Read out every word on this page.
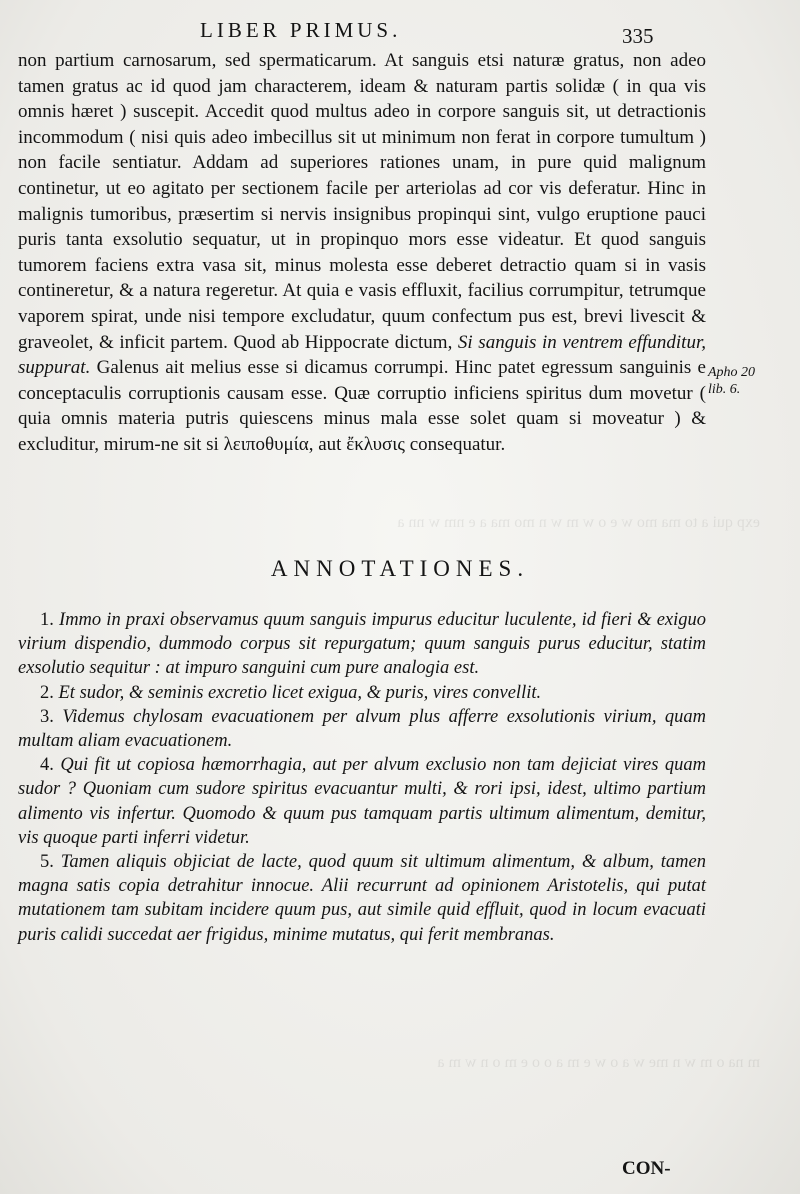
exp qui a to ma mo w e o w m w n mo ma a e nm w nn a
m na o m w n me w a o w e m a o o e m o n w m a
LIBER PRIMUS.	335

non partium carnosarum, sed spermaticarum. At sanguis etsi naturæ gratus, non adeo tamen gratus ac id quod jam characterem, ideam & naturam partis solidæ ( in qua vis omnis hæret ) suscepit. Accedit quod multus adeo in corpore sanguis sit, ut detractionis incommodum ( nisi quis adeo imbecillus sit ut minimum non ferat in corpore tumultum ) non facile sentiatur. Addam ad superiores rationes unam, in pure quid malignum continetur, ut eo agitato per sectionem facile per arteriolas ad cor vis deferatur. Hinc in malignis tumoribus, præsertim si nervis insignibus propinqui sint, vulgo eruptione pauci puris tanta exsolutio sequatur, ut in propinquo mors esse videatur. Et quod sanguis tumorem faciens extra vasa sit, minus molesta esse deberet detractio quam si in vasis contineretur, & a natura regeretur. At quia e vasis effluxit, facilius corrumpitur, tetrumque vaporem spirat, unde nisi tempore excludatur, quum confectum pus est, brevi livescit & graveolet, & inficit partem. Quod ab Hippocrate dictum, Si sanguis in ventrem effunditur, suppurat. Galenus ait melius esse si dicamus corrumpi. Hinc patet egressum sanguinis e conceptaculis corruptionis causam esse. Quæ corruptio inficiens spiritus dum movetur ( quia omnis materia putris quiescens minus mala esse solet quam si moveatur ) & excluditur, mirum-ne sit si λειποθυμία, aut ἔκλυσις consequatur.

Apho 20
lib. 6.
ANNOTATIONES.

1. Immo in praxi observamus quum sanguis impurus educitur luculente, id fieri & exiguo virium dispendio, dummodo corpus sit repurgatum; quum sanguis purus educitur, statim exsolutio sequitur : at impuro sanguini cum pure analogia est.

2. Et sudor, & seminis excretio licet exigua, & puris, vires convellit.

3. Videmus chylosam evacuationem per alvum plus afferre exsolutionis virium, quam multam aliam evacuationem.

4. Qui fit ut copiosa hæmorrhagia, aut per alvum exclusio non tam dejiciat vires quam sudor ? Quoniam cum sudore spiritus evacuantur multi, & rori ipsi, idest, ultimo partium alimento vis infertur. Quomodo & quum pus tamquam partis ultimum alimentum, demitur, vis quoque parti inferri videtur.

5. Tamen aliquis objiciat de lacte, quod quum sit ultimum alimentum, & album, tamen magna satis copia detrahitur innocue. Alii recurrunt ad opinionem Aristotelis, qui putat mutationem tam subitam incidere quum pus, aut simile quid effluit, quod in locum evacuati puris calidi succedat aer frigidus, minime mutatus, qui ferit membranas.

CON-
